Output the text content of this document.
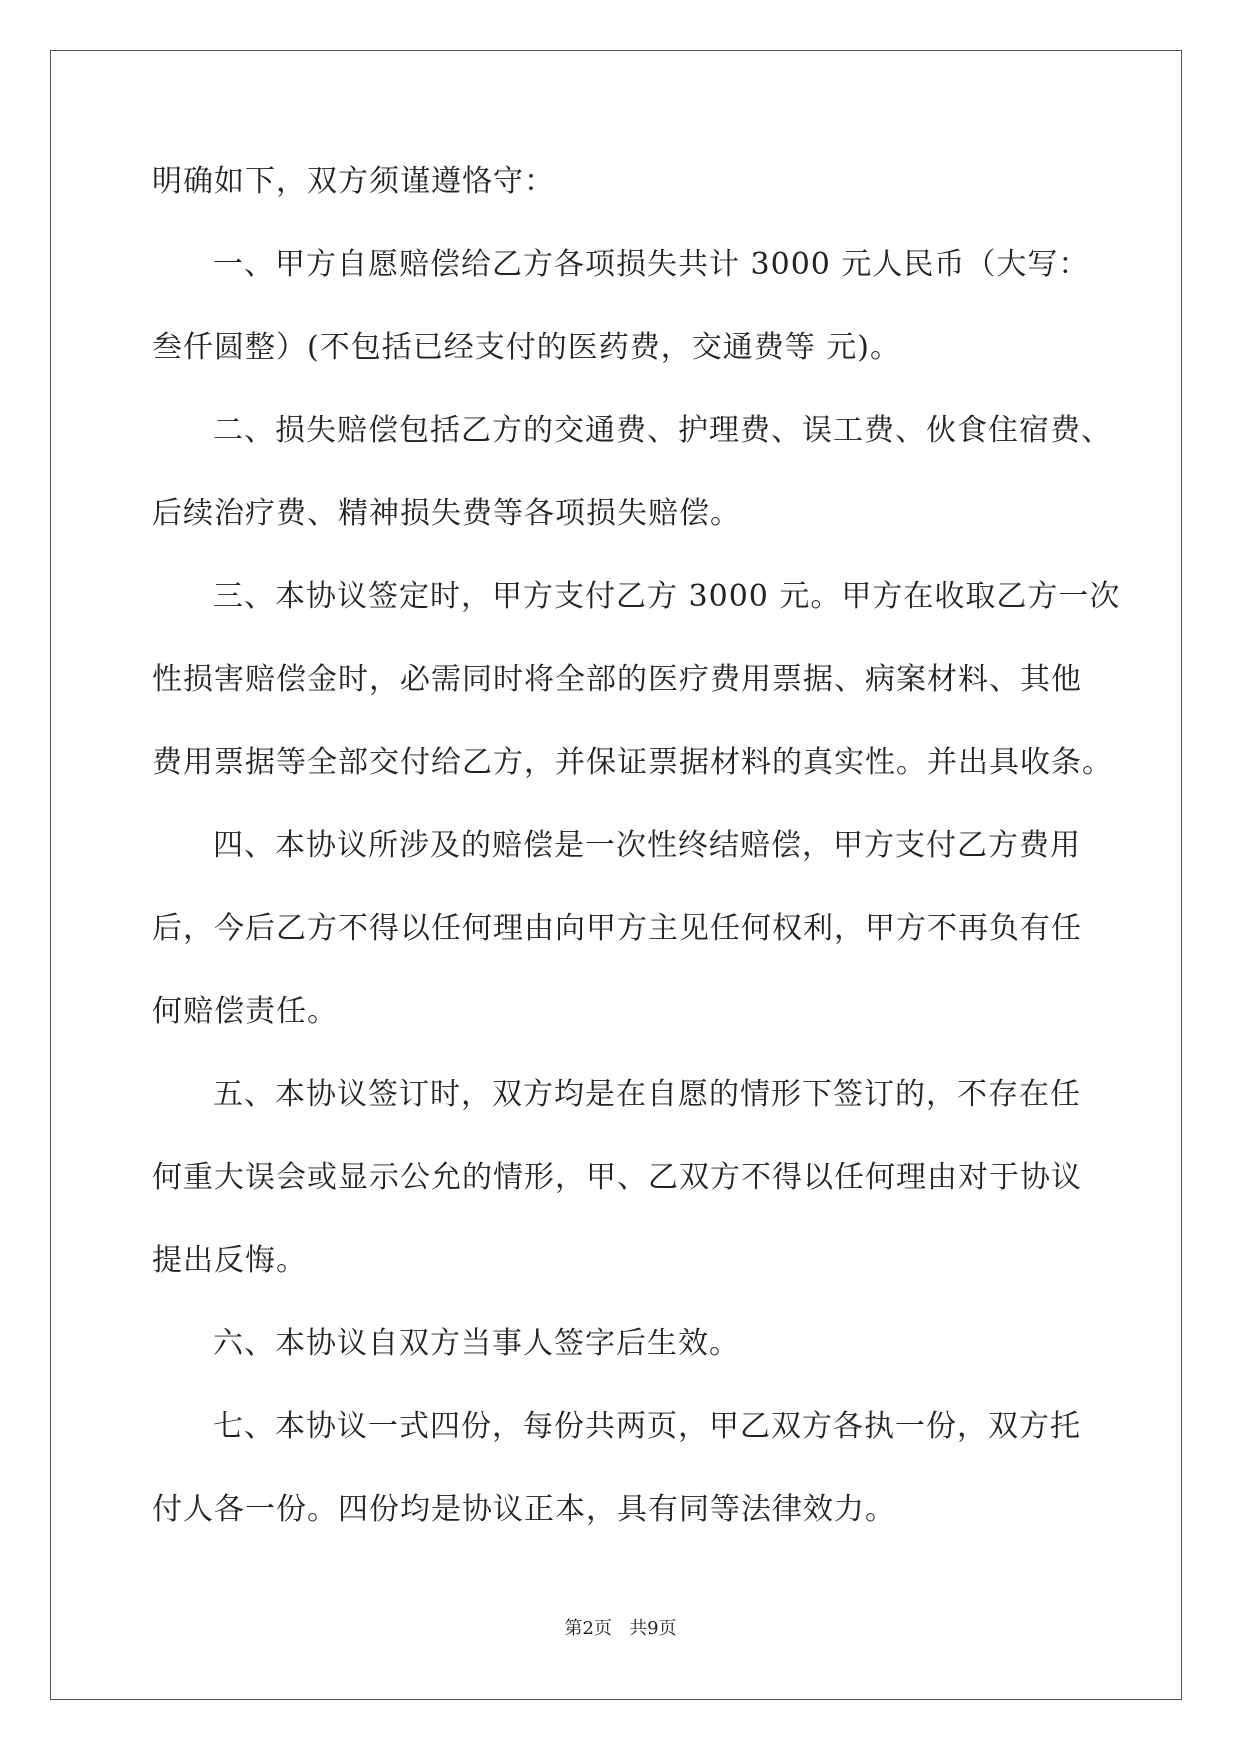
明确如下，双方须谨遵恪守：
一、甲方自愿赔偿给乙方各项损失共计 3000 元人民币（大写：
叁仟圆整）(不包括已经支付的医药费，交通费等 元)。
二、损失赔偿包括乙方的交通费、护理费、误工费、伙食住宿费、
后续治疗费、精神损失费等各项损失赔偿。
三、本协议签定时，甲方支付乙方 3000 元。甲方在收取乙方一次
性损害赔偿金时，必需同时将全部的医疗费用票据、病案材料、其他
费用票据等全部交付给乙方，并保证票据材料的真实性。并出具收条。
四、本协议所涉及的赔偿是一次性终结赔偿，甲方支付乙方费用
后，今后乙方不得以任何理由向甲方主见任何权利，甲方不再负有任
何赔偿责任。
五、本协议签订时，双方均是在自愿的情形下签订的，不存在任
何重大误会或显示公允的情形，甲、乙双方不得以任何理由对于协议
提出反悔。
六、本协议自双方当事人签字后生效。
七、本协议一式四份，每份共两页，甲乙双方各执一份，双方托
付人各一份。四份均是协议正本，具有同等法律效力。
第2页 共9页
